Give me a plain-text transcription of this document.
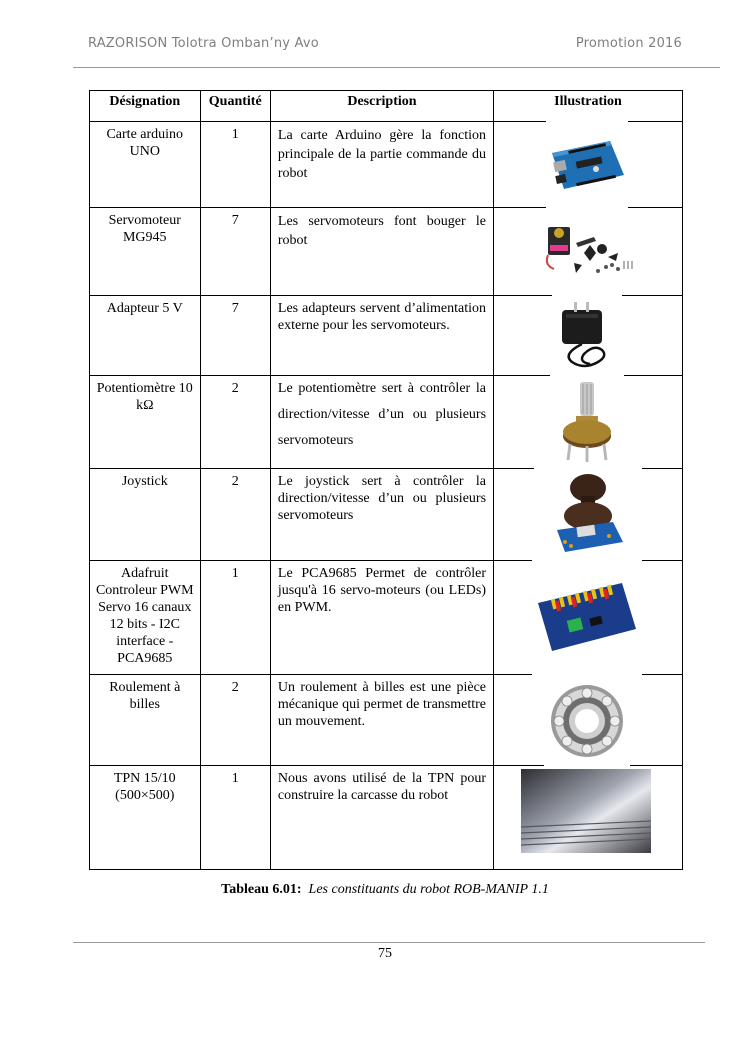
RAZORISON Tolotra Omban’ny Avo	Promotion 2016
Désignation	Quantité	Description	Illustration
Carte arduino UNO	1	La carte Arduino gère la fonction principale de la partie commande du robot

Servomoteur MG945	7	Les servomoteurs font bouger le robot

Adapteur 5 V	7	Les adapteurs servent d’alimentation externe pour les servomoteurs.	

Potentiomètre 10 kΩ	2	Le potentiomètre sert à contrôler la direction/vitesse d’un ou plusieurs servomoteurs

Joystick	2	Le joystick sert à contrôler la direction/vitesse d’un ou plusieurs servomoteurs	

Adafruit Controleur PWM Servo 16 canaux 12 bits - I2C interface - PCA9685	1	Le PCA9685 Permet de contrôler jusqu'à 16 servo-moteurs (ou LEDs) en PWM.	

Roulement à billes	2	Un roulement à billes est une pièce mécanique qui permet de transmettre un mouvement.	

TPN 15/10 (500×500)	1	Nous avons utilisé de la TPN pour construire la carcasse du robot	
Tableau 6.01: Les constituants du robot ROB-MANIP 1.1
75
